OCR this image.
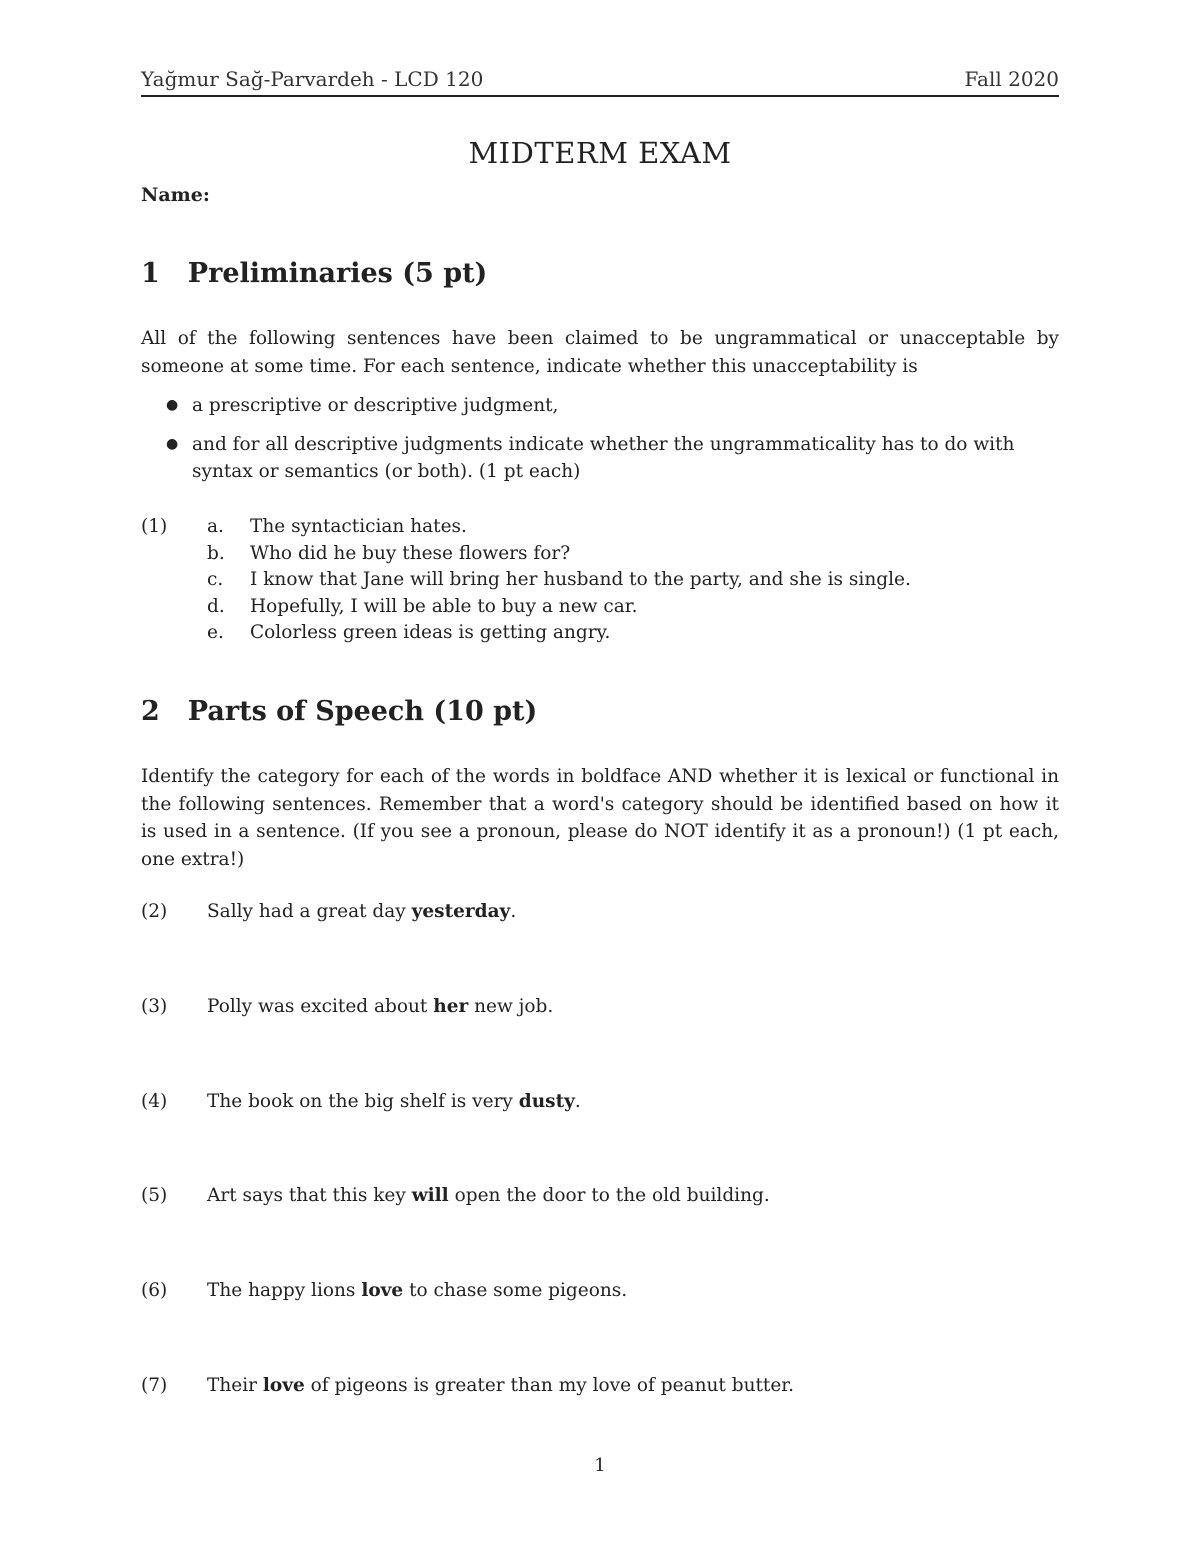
Yağmur Sağ-Parvardeh - LCD 120	Fall 2020
MIDTERM EXAM
Name:
1 Preliminaries (5 pt)
All of the following sentences have been claimed to be ungrammatical or unacceptable by someone at some time. For each sentence, indicate whether this unacceptability is
● a prescriptive or descriptive judgment,
● and for all descriptive judgments indicate whether the ungrammaticality has to do with syntax or semantics (or both). (1 pt each)
(1)	a.	The syntactician hates.
b.	Who did he buy these flowers for?
c.	I know that Jane will bring her husband to the party, and she is single.
d.	Hopefully, I will be able to buy a new car.
e.	Colorless green ideas is getting angry.
2 Parts of Speech (10 pt)
Identify the category for each of the words in boldface AND whether it is lexical or functional in the following sentences. Remember that a word's category should be identified based on how it is used in a sentence. (If you see a pronoun, please do NOT identify it as a pronoun!) (1 pt each, one extra!)
(2)	Sally had a great day yesterday.
(3)	Polly was excited about her new job.
(4)	The book on the big shelf is very dusty.
(5)	Art says that this key will open the door to the old building.
(6)	The happy lions love to chase some pigeons.
(7)	Their love of pigeons is greater than my love of peanut butter.
1
